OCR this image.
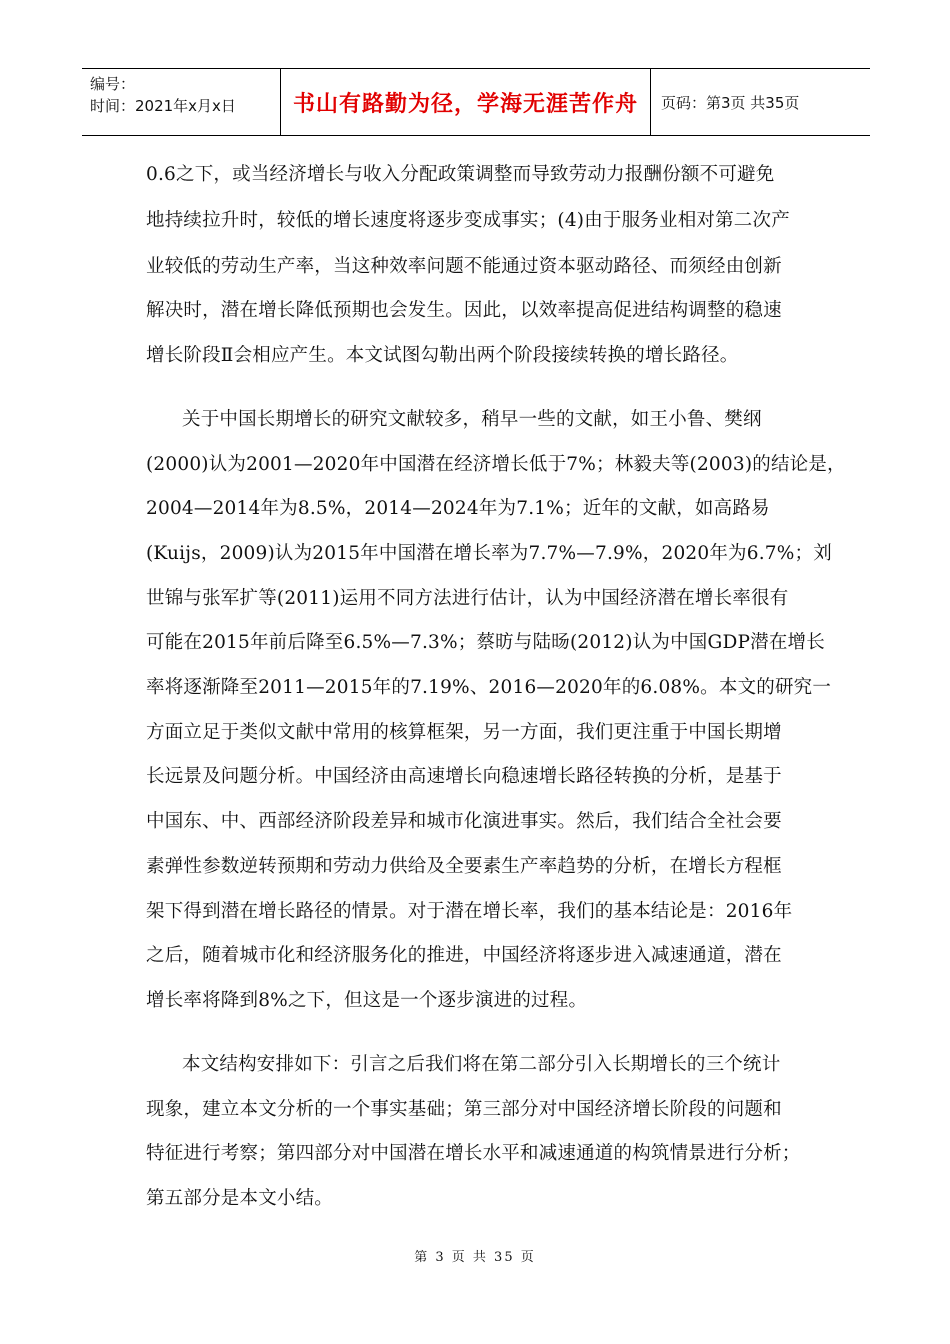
编号：
时间：2021年x月x日	书山有路勤为径，学海无涯苦作舟	页码：第3页 共35页
0.6之下，或当经济增长与收入分配政策调整而导致劳动力报酬份额不可避免
地持续拉升时，较低的增长速度将逐步变成事实；(4)由于服务业相对第二次产
业较低的劳动生产率，当这种效率问题不能通过资本驱动路径、而须经由创新
解决时，潜在增长降低预期也会发生。因此，以效率提高促进结构调整的稳速
增长阶段Ⅱ会相应产生。本文试图勾勒出两个阶段接续转换的增长路径。
关于中国长期增长的研究文献较多，稍早一些的文献，如王小鲁、樊纲
(2000)认为2001—2020年中国潜在经济增长低于7%；林毅夫等(2003)的结论是，
2004—2014年为8.5%，2014—2024年为7.1%；近年的文献，如高路易
(Kuijs，2009)认为2015年中国潜在增长率为7.7%—7.9%，2020年为6.7%；刘
世锦与张军扩等(2011)运用不同方法进行估计，认为中国经济潜在增长率很有
可能在2015年前后降至6.5%—7.3%；蔡昉与陆旸(2012)认为中国GDP潜在增长
率将逐渐降至2011—2015年的7.19%、2016—2020年的6.08%。本文的研究一
方面立足于类似文献中常用的核算框架，另一方面，我们更注重于中国长期增
长远景及问题分析。中国经济由高速增长向稳速增长路径转换的分析，是基于
中国东、中、西部经济阶段差异和城市化演进事实。然后，我们结合全社会要
素弹性参数逆转预期和劳动力供给及全要素生产率趋势的分析，在增长方程框
架下得到潜在增长路径的情景。对于潜在增长率，我们的基本结论是：2016年
之后，随着城市化和经济服务化的推进，中国经济将逐步进入减速通道，潜在
增长率将降到8%之下，但这是一个逐步演进的过程。
本文结构安排如下：引言之后我们将在第二部分引入长期增长的三个统计
现象，建立本文分析的一个事实基础；第三部分对中国经济增长阶段的问题和
特征进行考察；第四部分对中国潜在增长水平和减速通道的构筑情景进行分析；
第五部分是本文小结。
第 3 页 共 35 页
